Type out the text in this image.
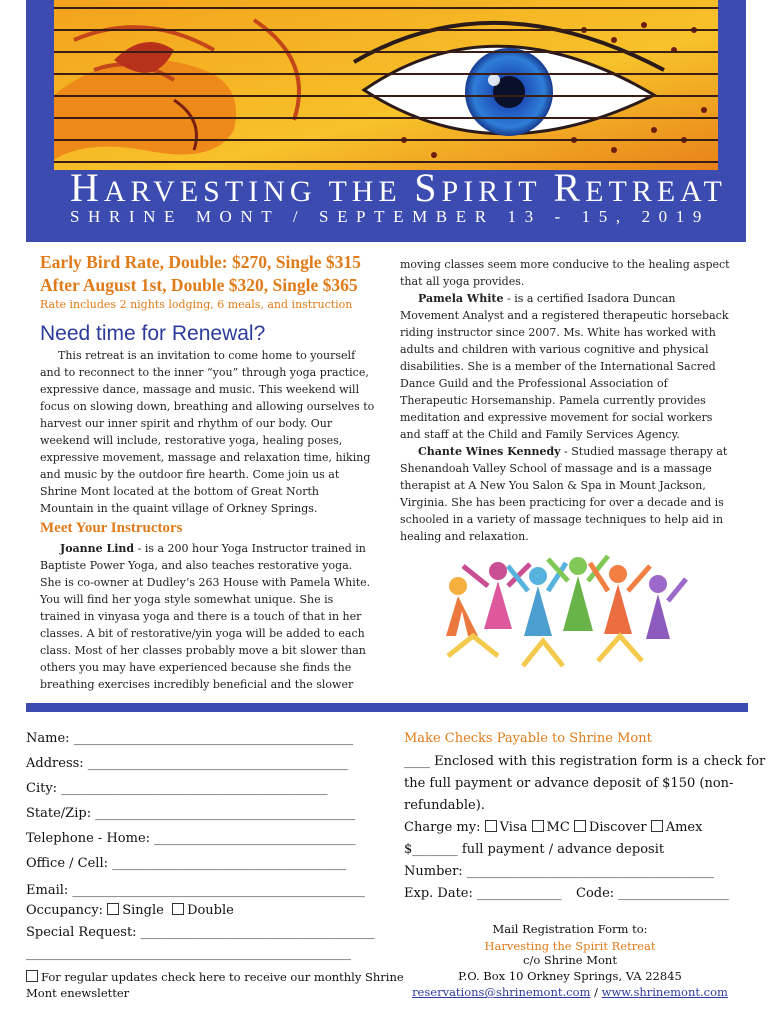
HARVESTING THE SPIRIT RETREAT
SHRINE MONT / SEPTEMBER 13 - 15, 2019
Early Bird Rate, Double: $270, Single $315
After August 1st, Double $320, Single $365
Rate includes 2 nights lodging, 6 meals, and instruction
Need time for Renewal?

This retreat is an invitation to come home to yourself and to reconnect to the inner “you” through yoga practice, expressive dance, massage and music. This weekend will focus on slowing down, breathing and allowing ourselves to harvest our inner spirit and rhythm of our body. Our weekend will include, restorative yoga, healing poses, expressive movement, massage and relaxation time, hiking and music by the outdoor fire hearth. Come join us at Shrine Mont located at the bottom of Great North Mountain in the quaint village of Orkney Springs.

Meet Your Instructors

Joanne Lind - is a 200 hour Yoga Instructor trained in Baptiste Power Yoga, and also teaches restorative yoga. She is co-owner at Dudley’s 263 House with Pamela White. You will find her yoga style somewhat unique. She is trained in vinyasa yoga and there is a touch of that in her classes. A bit of restorative/yin yoga will be added to each class. Most of her classes probably move a bit slower than others you may have experienced because she finds the breathing exercises incredibly beneficial and the slower

moving classes seem more conducive to the healing aspect that all yoga provides.

Pamela White - is a certified Isadora Duncan Movement Analyst and a registered therapeutic horseback riding instructor since 2007. Ms. White has worked with adults and children with various cognitive and physical disabilities. She is a member of the International Sacred Dance Guild and the Professional Association of Therapeutic Horsemanship. Pamela currently provides meditation and expressive movement for social workers and staff at the Child and Family Services Agency.

Chante Wines Kennedy - Studied massage therapy at Shenandoah Valley School of massage and is a massage therapist at A New You Salon & Spa in Mount Jackson, Virginia. She has been practicing for over a decade and is schooled in a variety of massage techniques to help aid in healing and relaxation.

Name: ___________________________________________
Address: ________________________________________
City: _________________________________________
State/Zip: ________________________________________
Telephone - Home: _______________________________
Office / Cell: ____________________________________
Email: _____________________________________________
Occupancy: Single Double
Special Request: ____________________________________
__________________________________________________
For regular updates check here to receive our monthly Shrine
Mont enewsletter
Make Checks Payable to Shrine Mont
____ Enclosed with this registration form is a check for
the full payment or advance deposit of $150 (non-
refundable).
Charge my: Visa MC Discover Amex
$_______ full payment / advance deposit
Number: ______________________________________
Exp. Date: _____________ Code: _________________
Mail Registration Form to:
Harvesting the Spirit Retreat
c/o Shrine Mont
P.O. Box 10 Orkney Springs, VA 22845
reservations@shrinemont.com / www.shrinemont.com
